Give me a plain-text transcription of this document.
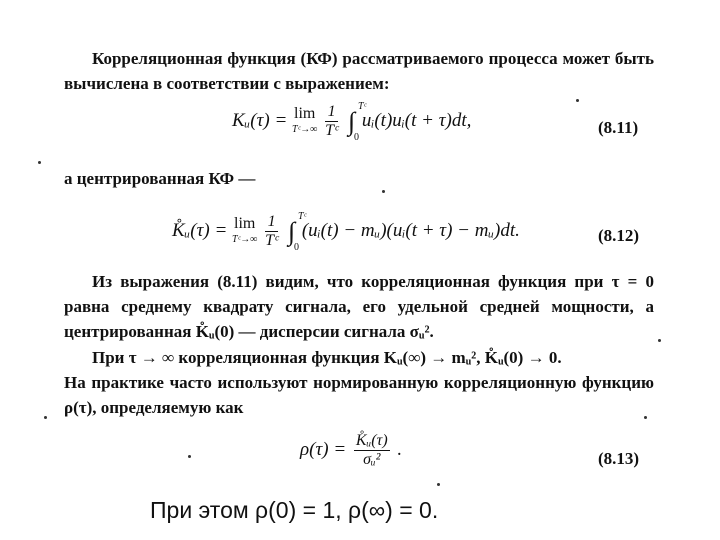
Корреляционная функция (КФ) рассматриваемого процесса может быть вычислена в соответствии с выражением:

Kᵤ(τ) = lim
Tᶜ→∞
$\frac{1}{\text{Tᶜ}}$ ∫
Tᶜ
0
uᵢ(t)uᵢ(t + τ)dt,	(8.11)

а центрированная КФ —

K̊ᵤ(τ) = lim
Tᶜ→∞
$\frac{1}{\text{Tᶜ}}$ ∫
Tᶜ
0
(uᵢ(t) − mᵤ)(uᵢ(t + τ) − mᵤ)dt.	(8.12)

Из выражения (8.11) видим, что корреляционная функция при τ = 0 равна среднему квадрату сигнала, его удельной средней мощности, а центрированная K̊ᵤ(0) — дисперсии сигнала σᵤ².

При τ → ∞ корреляционная функция Kᵤ(∞) → mᵤ², K̊ᵤ(0) → 0.

На практике часто используют нормированную корреляционную функцию ρ(τ), определяемую как

$\rho(\tau) = \frac{\text{K̊ᵤ(τ)}}{\text{σᵤ²}}$ .	(8.13)
При этом ρ(0) = 1, ρ(∞) = 0.
